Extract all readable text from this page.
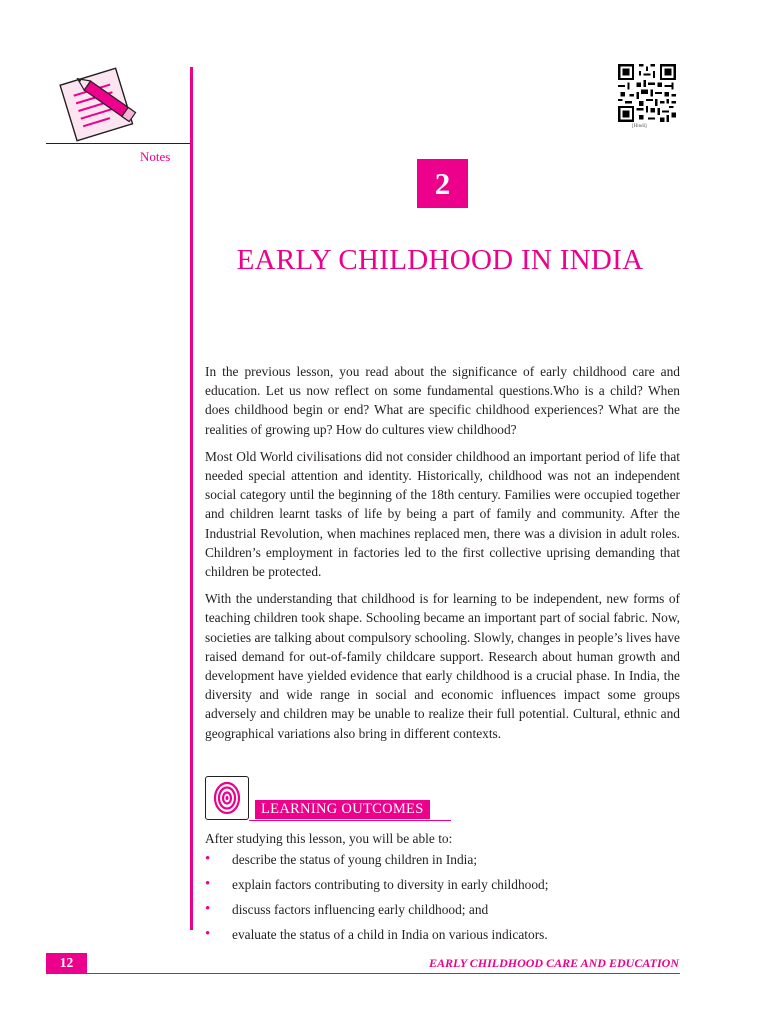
Notes
[Hindi]
2
EARLY CHILDHOOD IN INDIA

In the previous lesson, you read about the significance of early childhood care and education. Let us now reflect on some fundamental questions.Who is a child? When does childhood begin or end? What are specific childhood experiences? What are the realities of growing up? How do cultures view childhood?

Most Old World civilisations did not consider childhood an important period of life that needed special attention and identity. Historically, childhood was not an independent social category until the beginning of the 18th century. Families were occupied together and children learnt tasks of life by being a part of family and community. After the Industrial Revolution, when machines replaced men, there was a division in adult roles. Children’s employment in factories led to the first collective uprising demanding that children be protected.

With the understanding that childhood is for learning to be independent, new forms of teaching children took shape. Schooling became an important part of social fabric. Now, societies are talking about compulsory schooling. Slowly, changes in people’s lives have raised demand for out-of-family childcare support. Research about human growth and development have yielded evidence that early childhood is a crucial phase. In India, the diversity and wide range in social and economic influences impact some groups adversely and children may be unable to realize their full potential. Cultural, ethnic and geographical variations also bring in different contexts.

LEARNING OUTCOMES
After studying this lesson, you will be able to:
• describe the status of young children in India;
• explain factors contributing to diversity in early childhood;
• discuss factors influencing early childhood; and
• evaluate the status of a child in India on various indicators.
12	EARLY CHILDHOOD CARE AND EDUCATION
